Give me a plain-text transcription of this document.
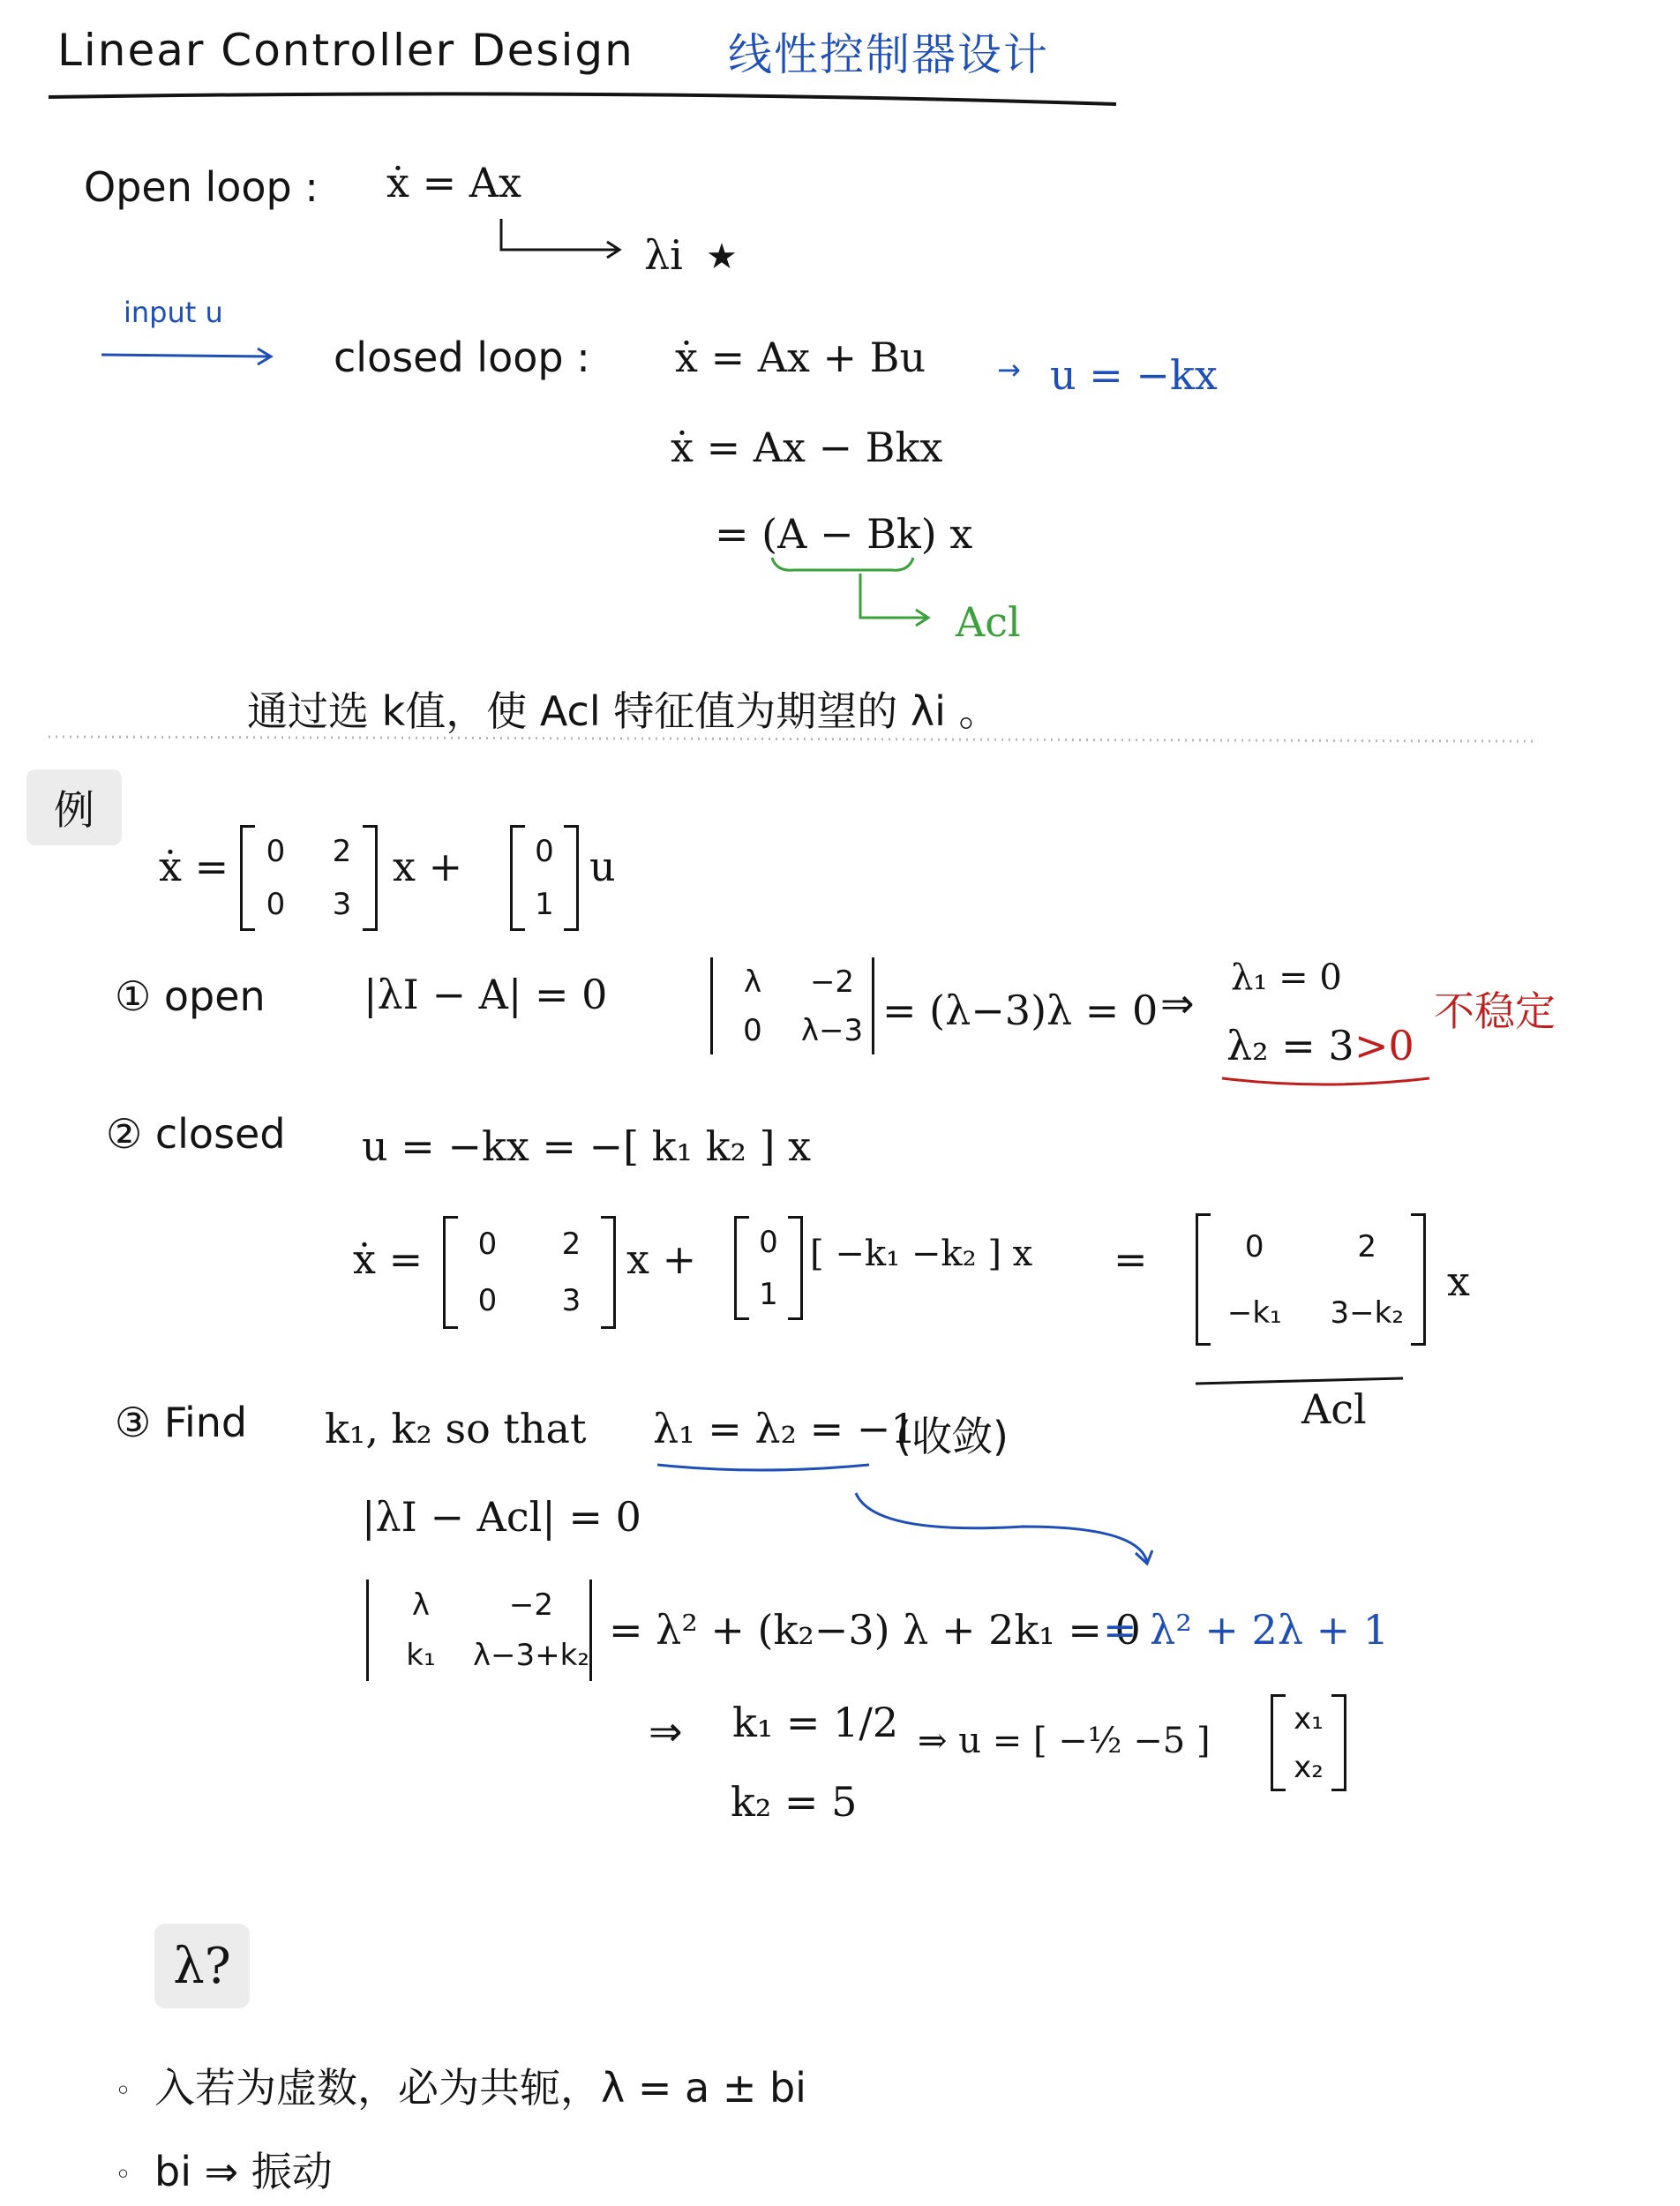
Linear Controller Design 线性控制器设计
Open loop : ẋ = Ax
λi ★
input u
closed loop : ẋ = Ax + Bu	→ u = −kx
ẋ = Ax − Bkx
= (A − Bk) x
Acl
通过选 k值，使 Acl 特征值为期望的 λi 。
例
ẋ =	0	2
0	3
x +	0
1
u
① open |λI − A| = 0	λ	−2
0	λ−3 = (λ−3)λ = 0 ⇒
λ₁ = 0
λ₂ = 3 >0
不稳定
② closed u = −kx = −[ k₁ k₂ ] x
ẋ =	0	2
0	3
x +	0
1
[ −k₁ −k₂ ] x =	0	2
−k₁	3−k₂
x
Acl
③ Find k₁, k₂ so that λ₁ = λ₂ = −1
(收敛)
|λI − Acl| = 0
λ	−2
k₁	λ−3+k₂
= λ² + (k₂−3) λ + 2k₁ = 0
= λ² + 2λ + 1
⇒ k₁ = 1/2
k₂ = 5
⇒ u = [ −½ −5 ]
x₁
x₂
λ?
◦ 入若为虚数，必为共轭，λ = a ± bi
◦ bi ⇒ 振动
